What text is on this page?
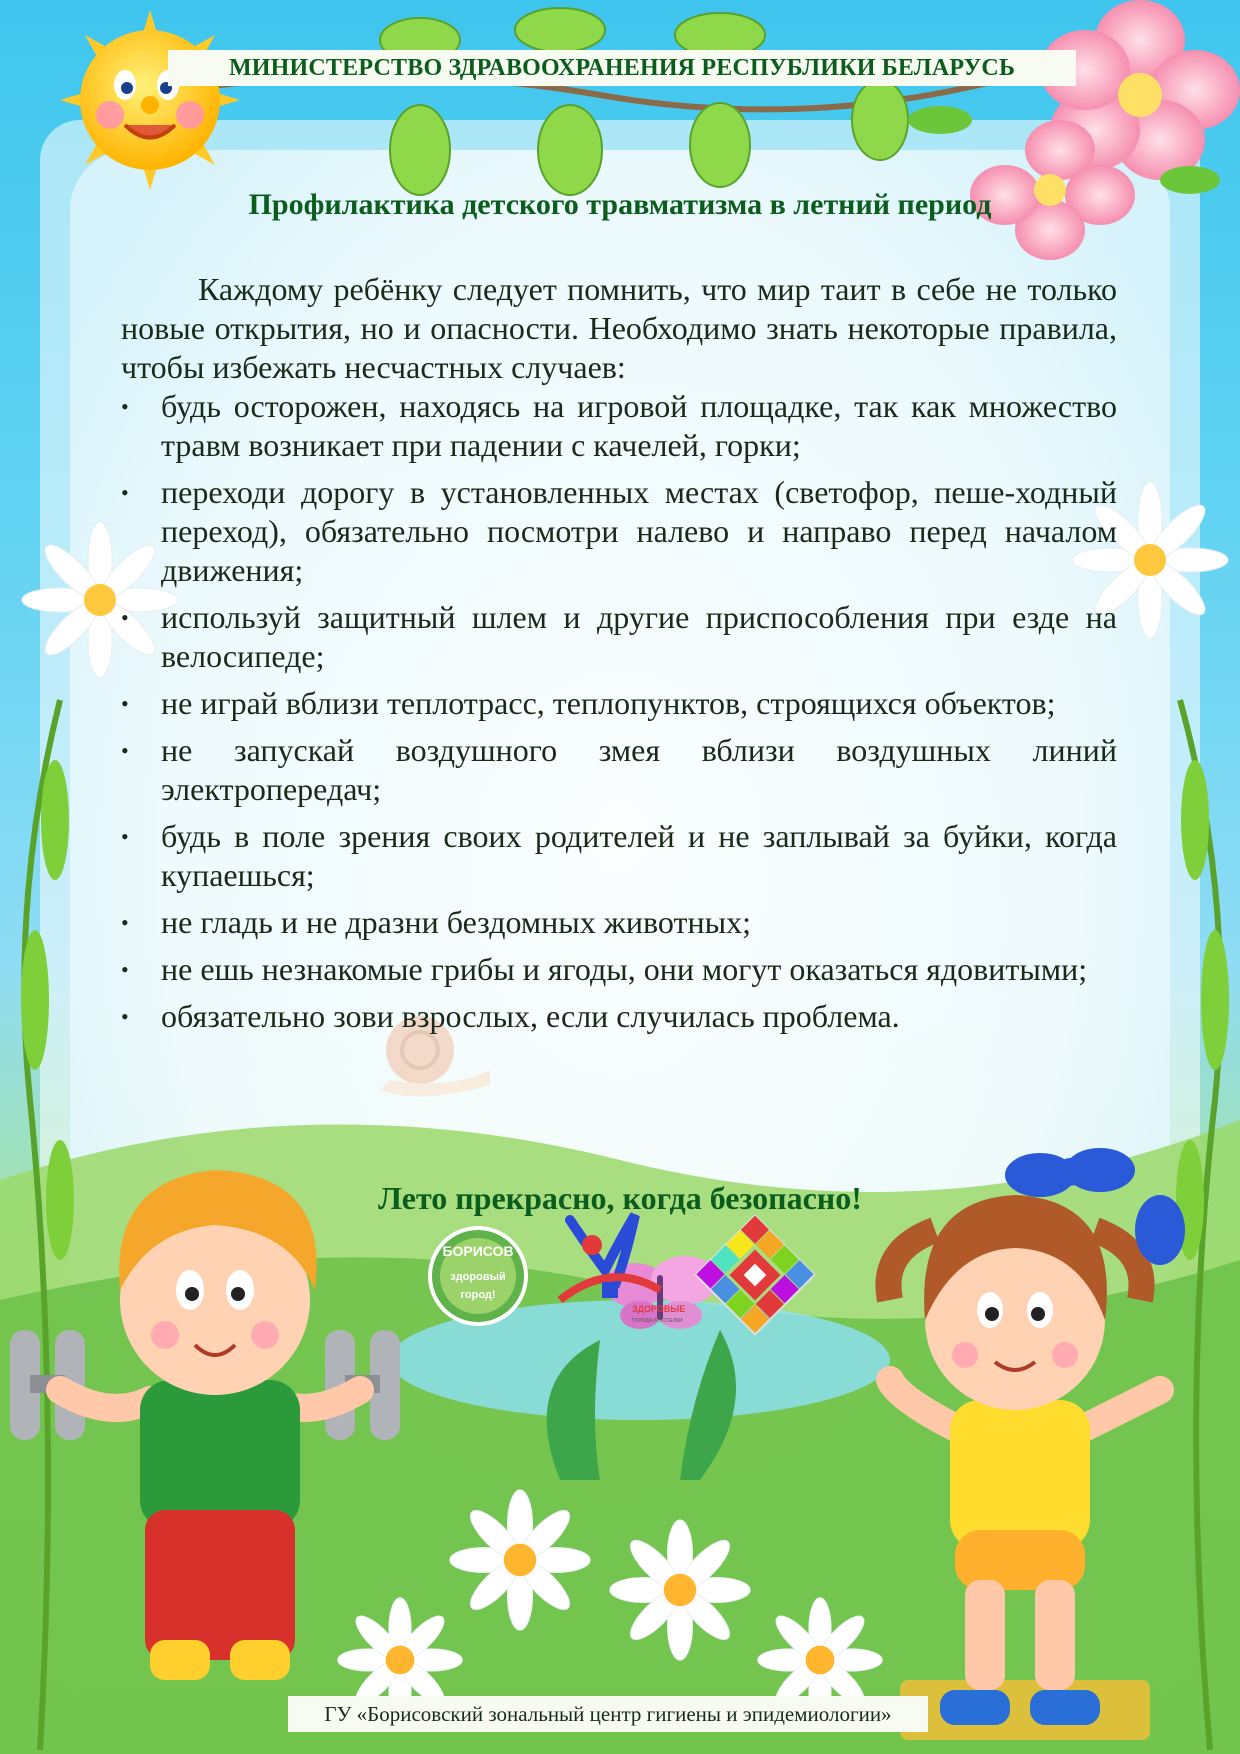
БОРИСОВ
здоровый
город!
ЗДОРОВЫЕ
ГОРОДА И ПОСЕЛКИ
МИНИСТЕРСТВО ЗДРАВООХРАНЕНИЯ РЕСПУБЛИКИ БЕЛАРУСЬ
Профилактика детского травматизма в летний период

Каждому ребёнку следует помнить, что мир таит в себе не только новые открытия, но и опасности. Необходимо знать некоторые правила, чтобы избежать несчастных случаев:

• будь осторожен, находясь на игровой площадке, так как множество травм возникает при падении с качелей, горки;
• переходи дорогу в установленных местах (светофор, пеше-ходный переход), обязательно посмотри налево и направо перед началом движения;
• используй защитный шлем и другие приспособления при езде на велосипеде;
• не играй вблизи теплотрасс, теплопунктов, строящихся объектов;
• не запускай воздушного змея вблизи воздушных линий электропередач;
• будь в поле зрения своих родителей и не заплывай за буйки, когда купаешься;
• не гладь и не дразни бездомных животных;
• не ешь незнакомые грибы и ягоды, они могут оказаться ядовитыми;
• обязательно зови взрослых, если случилась проблема.
Лето прекрасно, когда безопасно!
ГУ «Борисовский зональный центр гигиены и эпидемиологии»
